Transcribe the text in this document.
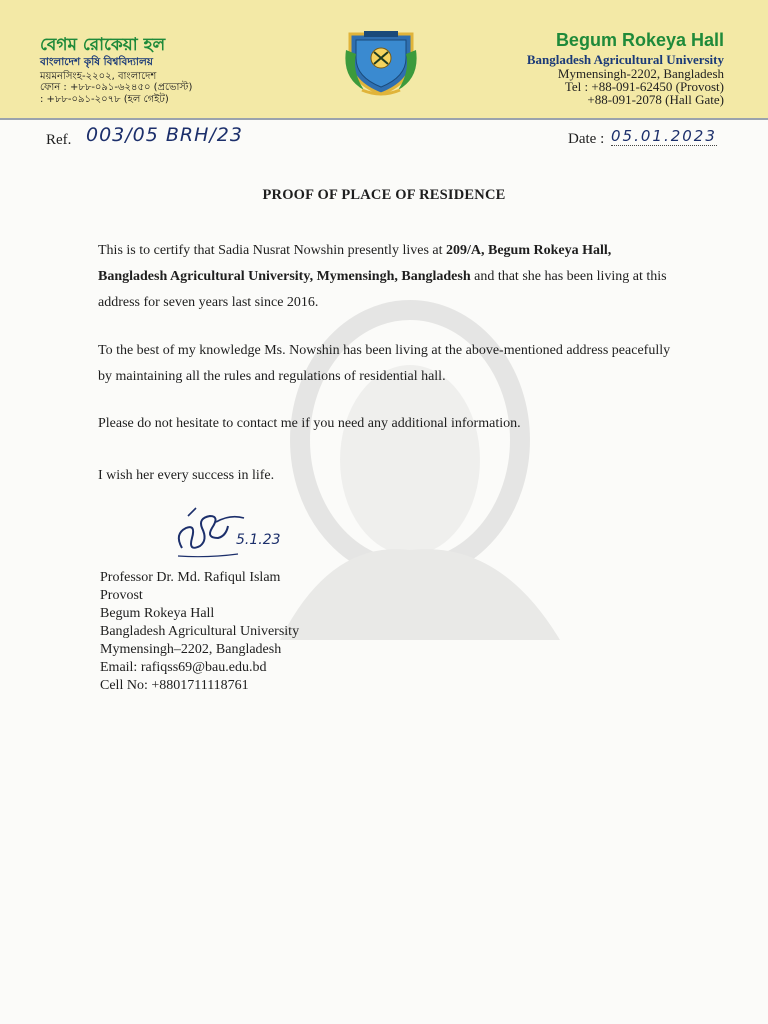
বেগম রোকেয়া হল
বাংলাদেশ কৃষি বিশ্ববিদ্যালয়
ময়মনসিংহ-২২০২, বাংলাদেশ
ফোন : +৮৮-০৯১-৬২৪৫০ (প্রভোস্ট)
: +৮৮-০৯১-২০৭৮ (হল গেইট)
Begum Rokeya Hall
Bangladesh Agricultural University
Mymensingh-2202, Bangladesh
Tel : +88-091-62450 (Provost)
+88-091-2078 (Hall Gate)
Ref. 003/05 BRH/23	Date : 05.01.2023
PROOF OF PLACE OF RESIDENCE
This is to certify that Sadia Nusrat Nowshin presently lives at 209/A, Begum Rokeya Hall, Bangladesh Agricultural University, Mymensingh, Bangladesh and that she has been living at this address for seven years last since 2016.
To the best of my knowledge Ms. Nowshin has been living at the above-mentioned address peacefully by maintaining all the rules and regulations of residential hall.
Please do not hesitate to contact me if you need any additional information.
I wish her every success in life.
5.1.23
Professor Dr. Md. Rafiqul Islam
Provost
Begum Rokeya Hall
Bangladesh Agricultural University
Mymensingh–2202, Bangladesh
Email: rafiqss69@bau.edu.bd
Cell No: +8801711118761
